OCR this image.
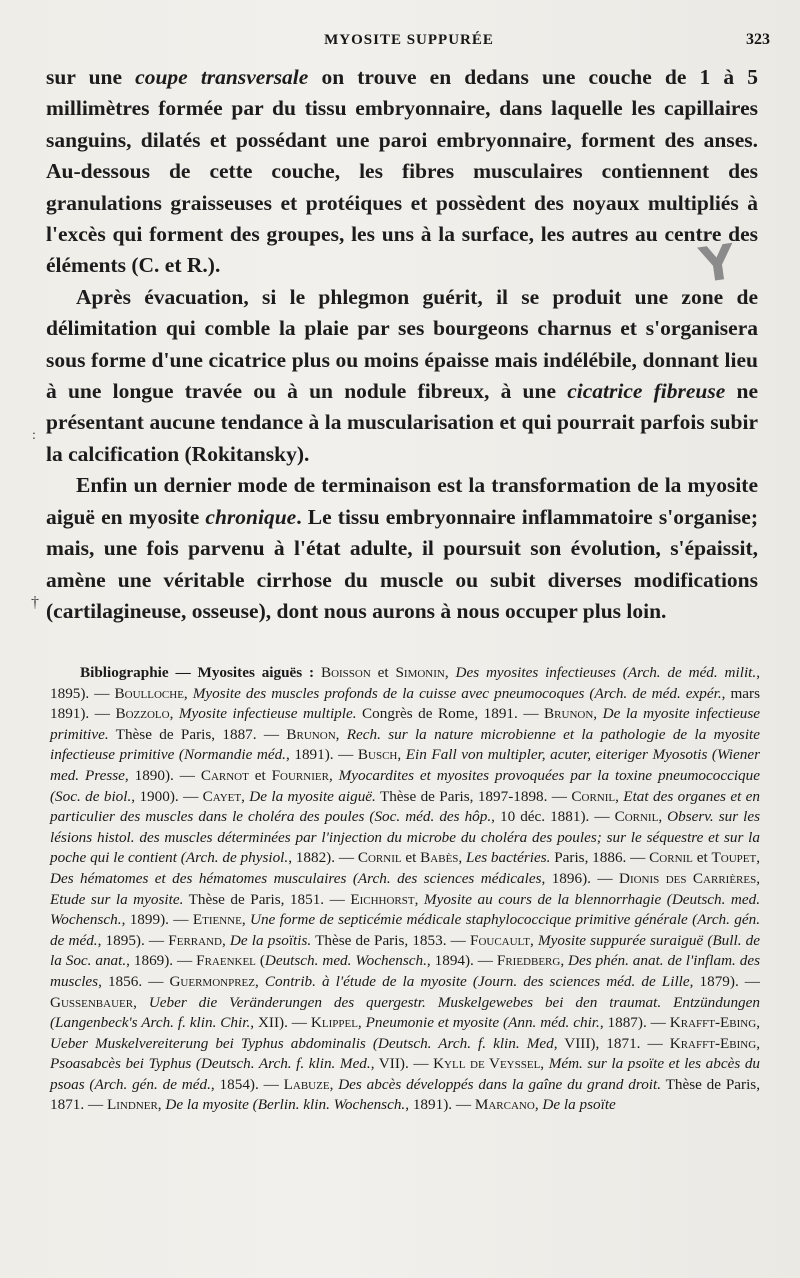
MYOSITE SUPPURÉE	323

sur une coupe transversale on trouve en dedans une couche de 1 à 5 millimètres formée par du tissu embryonnaire, dans laquelle les capillaires sanguins, dilatés et possédant une paroi embryonnaire, forment des anses. Au-dessous de cette couche, les fibres musculaires contiennent des granulations graisseuses et protéiques et possèdent des noyaux multipliés à l'excès qui forment des groupes, les uns à la surface, les autres au centre des éléments (C. et R.).

Après évacuation, si le phlegmon guérit, il se produit une zone de délimitation qui comble la plaie par ses bourgeons charnus et s'organisera sous forme d'une cicatrice plus ou moins épaisse mais indélébile, donnant lieu à une longue travée ou à un nodule fibreux, à une cicatrice fibreuse ne présentant aucune tendance à la muscularisation et qui pourrait parfois subir la calcification (Rokitansky).

Enfin un dernier mode de terminaison est la transformation de la myosite aiguë en myosite chronique. Le tissu embryonnaire inflammatoire s'organise; mais, une fois parvenu à l'état adulte, il poursuit son évolution, s'épaissit, amène une véritable cirrhose du muscle ou subit diverses modifications (cartilagineuse, osseuse), dont nous aurons à nous occuper plus loin.

Y
:
†

Bibliographie — Myosites aiguës : Boisson et Simonin, Des myosites infectieuses (Arch. de méd. milit., 1895). — Boulloche, Myosite des muscles profonds de la cuisse avec pneumocoques (Arch. de méd. expér., mars 1891). — Bozzolo, Myosite infectieuse multiple. Congrès de Rome, 1891. — Brunon, De la myosite infectieuse primitive. Thèse de Paris, 1887. — Brunon, Rech. sur la nature microbienne et la pathologie de la myosite infectieuse primitive (Normandie méd., 1891). — Busch, Ein Fall von multipler, acuter, eiteriger Myosotis (Wiener med. Presse, 1890). — Carnot et Fournier, Myocardites et myosites provoquées par la toxine pneumococcique (Soc. de biol., 1900). — Cayet, De la myosite aiguë. Thèse de Paris, 1897-1898. — Cornil, Etat des organes et en particulier des muscles dans le choléra des poules (Soc. méd. des hôp., 10 déc. 1881). — Cornil, Observ. sur les lésions histol. des muscles déterminées par l'injection du microbe du choléra des poules; sur le séquestre et sur la poche qui le contient (Arch. de physiol., 1882). — Cornil et Babès, Les bactéries. Paris, 1886. — Cornil et Toupet, Des hématomes et des hématomes musculaires (Arch. des sciences médicales, 1896). — Dionis des Carrières, Etude sur la myosite. Thèse de Paris, 1851. — Eichhorst, Myosite au cours de la blennorrhagie (Deutsch. med. Wochensch., 1899). — Etienne, Une forme de septicémie médicale staphylococcique primitive générale (Arch. gén. de méd., 1895). — Ferrand, De la psoïtis. Thèse de Paris, 1853. — Foucault, Myosite suppurée suraiguë (Bull. de la Soc. anat., 1869). — Fraenkel (Deutsch. med. Wochensch., 1894). — Friedberg, Des phén. anat. de l'inflam. des muscles, 1856. — Guermonprez, Contrib. à l'étude de la myosite (Journ. des sciences méd. de Lille, 1879). — Gussenbauer, Ueber die Veränderungen des quergestr. Muskelgewebes bei den traumat. Entzündungen (Langenbeck's Arch. f. klin. Chir., XII). — Klippel, Pneumonie et myosite (Ann. méd. chir., 1887). — Krafft-Ebing, Ueber Muskelvereiterung bei Typhus abdominalis (Deutsch. Arch. f. klin. Med, VIII), 1871. — Krafft-Ebing, Psoasabcès bei Typhus (Deutsch. Arch. f. klin. Med., VII). — Kyll de Veyssel, Mém. sur la psoïte et les abcès du psoas (Arch. gén. de méd., 1854). — Labuze, Des abcès développés dans la gaîne du grand droit. Thèse de Paris, 1871. — Lindner, De la myosite (Berlin. klin. Wochensch., 1891). — Marcano, De la psoïte
